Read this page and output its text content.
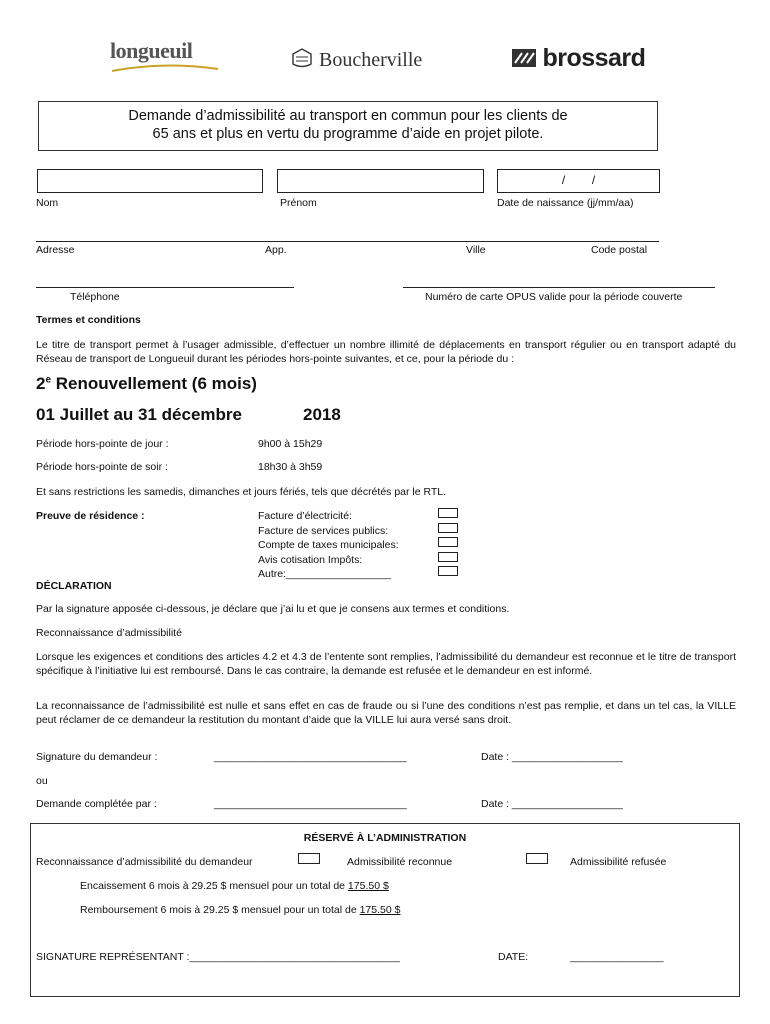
longueuil	Boucherville	brossard
Demande d’admissibilité au transport en commun pour les clients de
65 ans et plus en vertu du programme d’aide en projet pilote.
/        /
Nom	Prénom	Date de naissance (jj/mm/aa)
Adresse	App.	Ville	Code postal
Téléphone	Numéro de carte OPUS valide pour la période couverte
Termes et conditions
Le titre de transport permet à l’usager admissible, d’effectuer un nombre illimité de déplacements en transport régulier ou en transport adapté du Réseau de transport de Longueuil durant les périodes hors-pointe suivantes, et ce, pour la période du :
2e Renouvellement (6 mois)
01 Juillet au 31 décembre	2018
Période hors-pointe de jour :	9h00 à 15h29
Période hors-pointe de soir :	18h30 à 3h59
Et sans restrictions les samedis, dimanches et jours fériés, tels que décrétés par le RTL.
Preuve de résidence :	Facture d’électricité:
Facture de services publics:
Compte de taxes municipales:
Avis cotisation Impôts:
Autre:__________________
DÉCLARATION
Par la signature apposée ci-dessous, je déclare que j’ai lu et que je consens aux termes et conditions.
Reconnaissance d’admissibilité
Lorsque les exigences et conditions des articles 4.2 et 4.3 de l’entente sont remplies, l’admissibilité du demandeur est reconnue et le titre de transport spécifique à l’initiative lui est remboursé. Dans le cas contraire, la demande est refusée et le demandeur en est informé.
La reconnaissance de l’admissibilité est nulle et sans effet en cas de fraude ou si l’une des conditions n’est pas remplie, et dans un tel cas, la VILLE peut réclamer de ce demandeur la restitution du montant d’aide que la VILLE lui aura versé sans droit.
Signature du demandeur :	_________________________________	Date : ___________________
ou
Demande complétée par :	_________________________________	Date : ___________________
RÉSERVÉ À L’ADMINISTRATION
Reconnaissance d’admissibilité du demandeur	Admissibilité reconnue	Admissibilité refusée
Encaissement 6 mois à 29.25 $ mensuel pour un total de 175.50 $
Remboursement 6 mois à 29.25 $ mensuel pour un total de 175.50 $
SIGNATURE REPRÉSENTANT :____________________________________	DATE:	________________
